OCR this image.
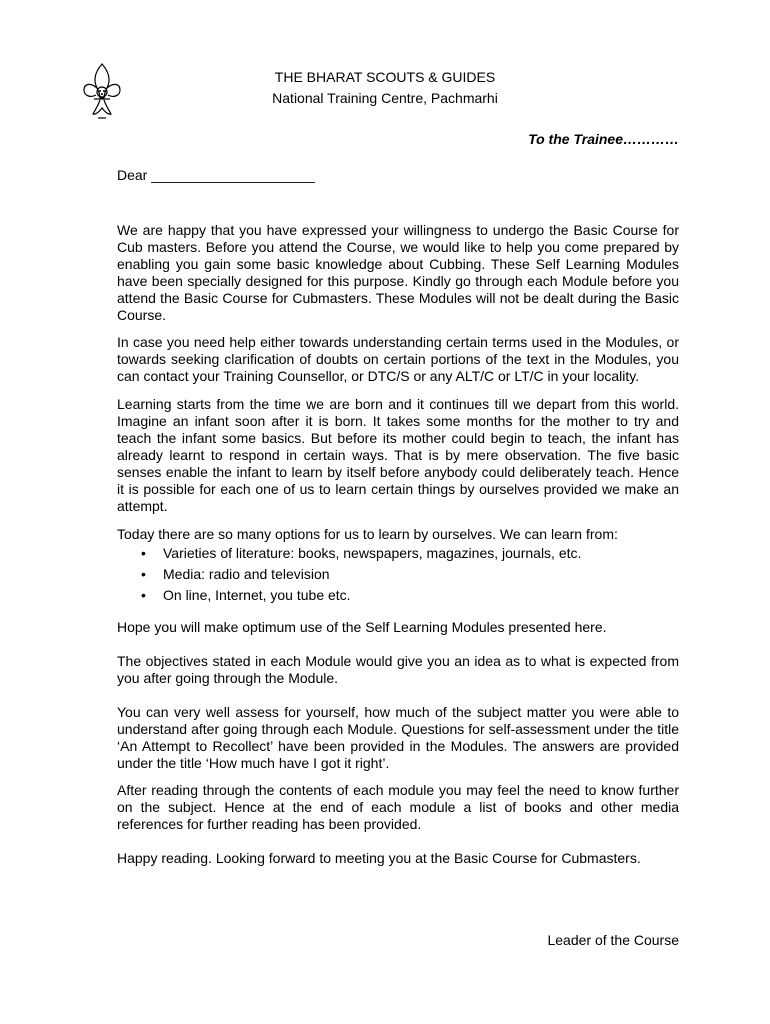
THE BHARAT SCOUTS & GUIDES
National Training Centre, Pachmarhi
To the Trainee…………
Dear _____________________

We are happy that you have expressed your willingness to undergo the Basic Course for Cub masters. Before you attend the Course, we would like to help you come prepared by enabling you gain some basic knowledge about Cubbing. These Self Learning Modules have been specially designed for this purpose. Kindly go through each Module before you attend the Basic Course for Cubmasters. These Modules will not be dealt during the Basic Course.

In case you need help either towards understanding certain terms used in the Modules, or towards seeking clarification of doubts on certain portions of the text in the Modules, you can contact your Training Counsellor, or DTC/S or any ALT/C or LT/C in your locality.

Learning starts from the time we are born and it continues till we depart from this world. Imagine an infant soon after it is born. It takes some months for the mother to try and teach the infant some basics. But before its mother could begin to teach, the infant has already learnt to respond in certain ways. That is by mere observation. The five basic senses enable the infant to learn by itself before anybody could deliberately teach. Hence it is possible for each one of us to learn certain things by ourselves provided we make an attempt.

Today there are so many options for us to learn by ourselves. We can learn from:

• Varieties of literature: books, newspapers, magazines, journals, etc.
• Media: radio and television
• On line, Internet, you tube etc.

Hope you will make optimum use of the Self Learning Modules presented here.

The objectives stated in each Module would give you an idea as to what is expected from you after going through the Module.

You can very well assess for yourself, how much of the subject matter you were able to understand after going through each Module. Questions for self-assessment under the title ‘An Attempt to Recollect’ have been provided in the Modules. The answers are provided under the title ‘How much have I got it right’.

After reading through the contents of each module you may feel the need to know further on the subject. Hence at the end of each module a list of books and other media references for further reading has been provided.

Happy reading. Looking forward to meeting you at the Basic Course for Cubmasters.

Leader of the Course
